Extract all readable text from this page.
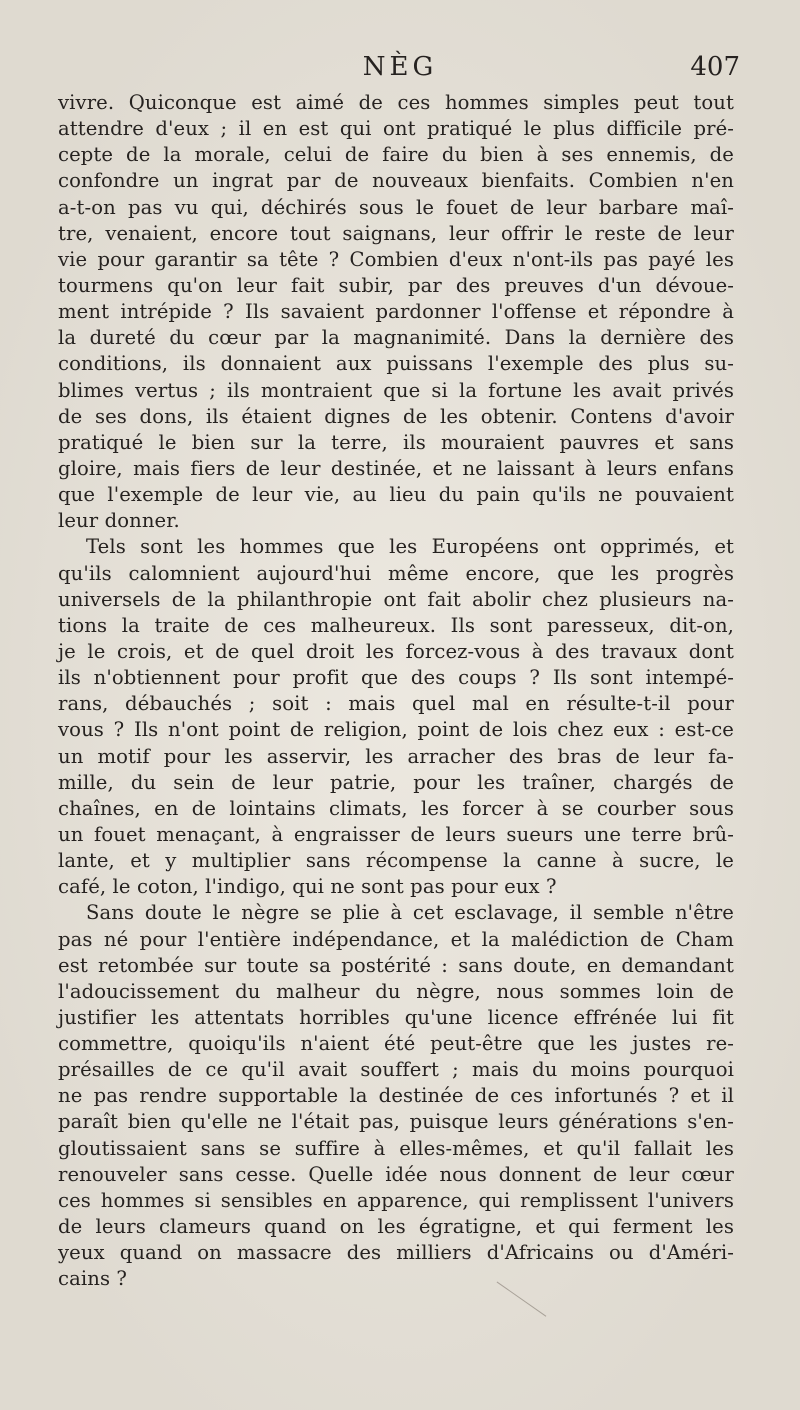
NÈG	407
vivre. Quiconque est aimé de ces hommes simples peut tout
attendre d'eux ; il en est qui ont pratiqué le plus difficile pré-
cepte de la morale, celui de faire du bien à ses ennemis, de
confondre un ingrat par de nouveaux bienfaits. Combien n'en
a-t-on pas vu qui, déchirés sous le fouet de leur barbare maî-
tre, venaient, encore tout saignans, leur offrir le reste de leur
vie pour garantir sa tête ? Combien d'eux n'ont-ils pas payé les
tourmens qu'on leur fait subir, par des preuves d'un dévoue-
ment intrépide ? Ils savaient pardonner l'offense et répondre à
la dureté du cœur par la magnanimité. Dans la dernière des
conditions, ils donnaient aux puissans l'exemple des plus su-
blimes vertus ; ils montraient que si la fortune les avait privés
de ses dons, ils étaient dignes de les obtenir. Contens d'avoir
pratiqué le bien sur la terre, ils mouraient pauvres et sans
gloire, mais fiers de leur destinée, et ne laissant à leurs enfans
que l'exemple de leur vie, au lieu du pain qu'ils ne pouvaient
leur donner.
Tels sont les hommes que les Européens ont opprimés, et
qu'ils calomnient aujourd'hui même encore, que les progrès
universels de la philanthropie ont fait abolir chez plusieurs na-
tions la traite de ces malheureux. Ils sont paresseux, dit-on,
je le crois, et de quel droit les forcez-vous à des travaux dont
ils n'obtiennent pour profit que des coups ? Ils sont intempé-
rans, débauchés ; soit : mais quel mal en résulte-t-il pour
vous ? Ils n'ont point de religion, point de lois chez eux : est-ce
un motif pour les asservir, les arracher des bras de leur fa-
mille, du sein de leur patrie, pour les traîner, chargés de
chaînes, en de lointains climats, les forcer à se courber sous
un fouet menaçant, à engraisser de leurs sueurs une terre brû-
lante, et y multiplier sans récompense la canne à sucre, le
café, le coton, l'indigo, qui ne sont pas pour eux ?
Sans doute le nègre se plie à cet esclavage, il semble n'être
pas né pour l'entière indépendance, et la malédiction de Cham
est retombée sur toute sa postérité : sans doute, en demandant
l'adoucissement du malheur du nègre, nous sommes loin de
justifier les attentats horribles qu'une licence effrénée lui fit
commettre, quoiqu'ils n'aient été peut-être que les justes re-
présailles de ce qu'il avait souffert ; mais du moins pourquoi
ne pas rendre supportable la destinée de ces infortunés ? et il
paraît bien qu'elle ne l'était pas, puisque leurs générations s'en-
gloutissaient sans se suffire à elles-mêmes, et qu'il fallait les
renouveler sans cesse. Quelle idée nous donnent de leur cœur
ces hommes si sensibles en apparence, qui remplissent l'univers
de leurs clameurs quand on les égratigne, et qui ferment les
yeux quand on massacre des milliers d'Africains ou d'Améri-
cains ?
